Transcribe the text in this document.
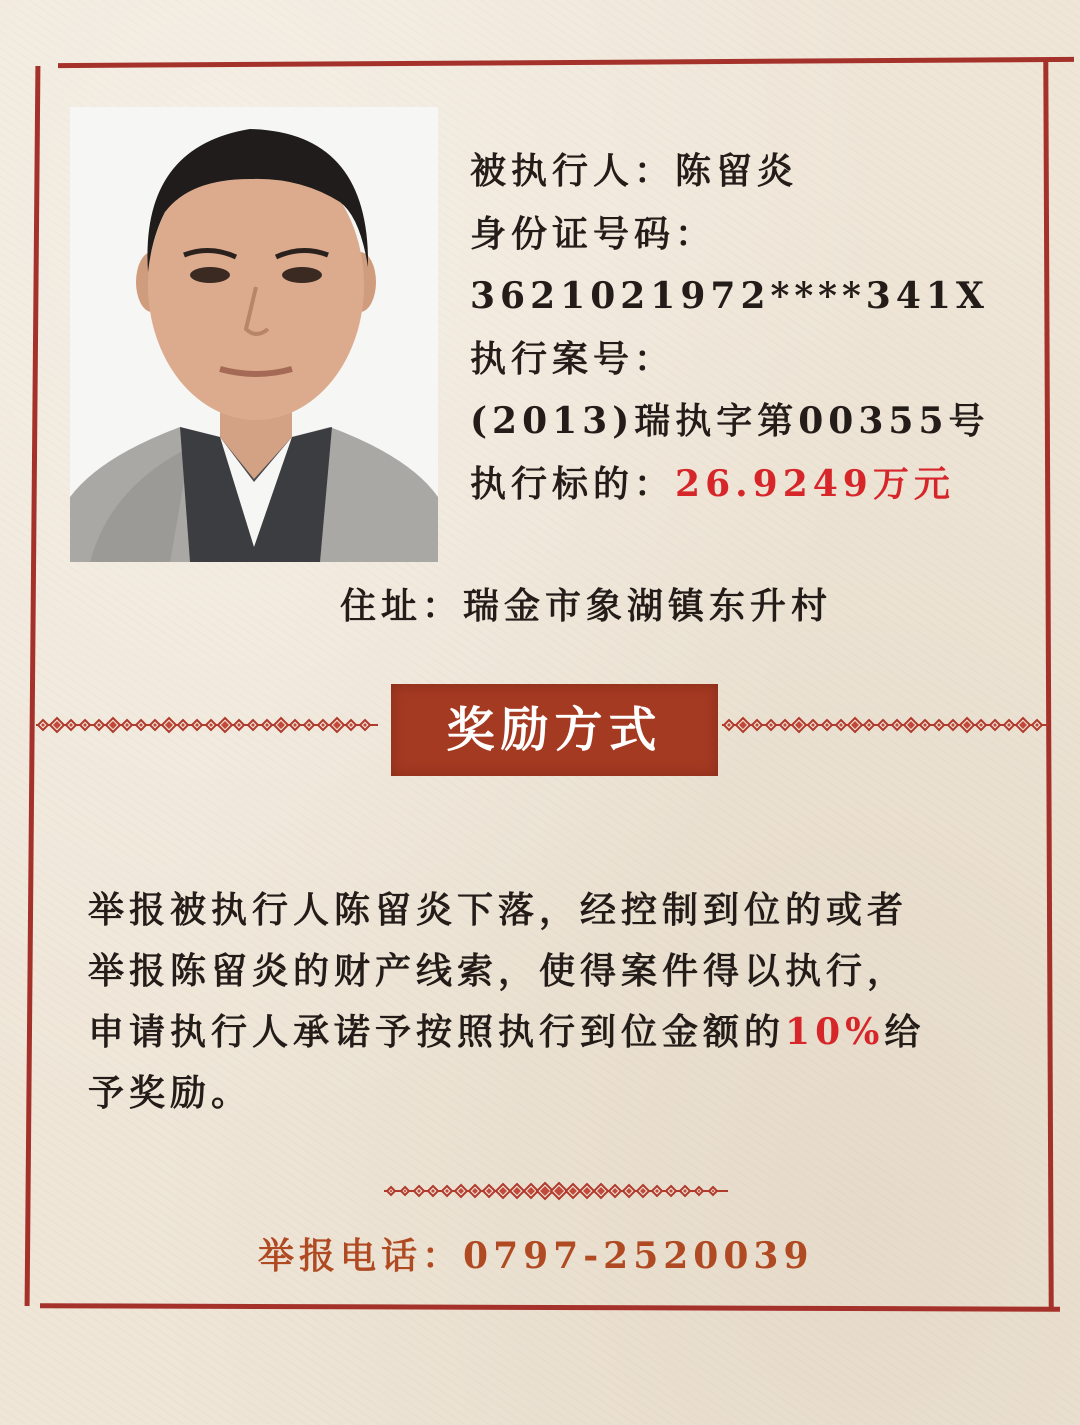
被执行人：陈留炎
身份证号码：
3621021972****341X
执行案号：
(2013)瑞执字第00355号
执行标的：26.9249万元
住址：瑞金市象湖镇东升村
奖励方式
举报被执行人陈留炎下落，经控制到位的或者
举报陈留炎的财产线索，使得案件得以执行，
申请执行人承诺予按照执行到位金额的10%给
予奖励。
举报电话：0797-2520039
